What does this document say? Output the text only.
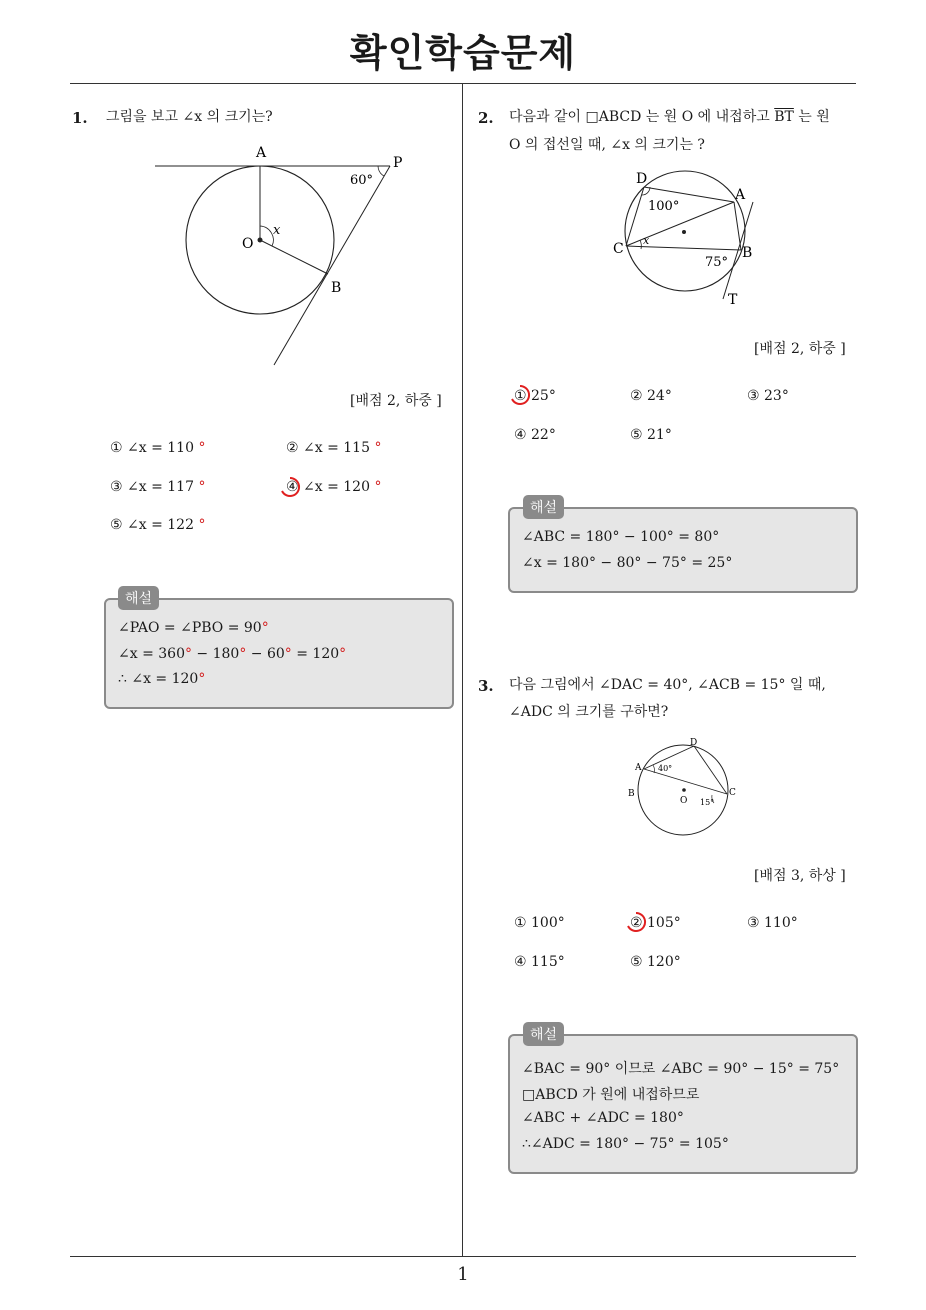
확인학습문제
1
1. 그림을 보고 ∠x 의 크기는?
A
P
O
B
x
60°
[배점 2, 하중 ]
① ∠x = 110 °	② ∠x = 115 °
③ ∠x = 117 °	④ ∠x = 120 °
⑤ ∠x = 122 °
∠PAO = ∠PBO = 90°
∠x = 360° − 180° − 60° = 120°
∴ ∠x = 120°
해설
2. 다음과 같이 □ABCD 는 원 O 에 내접하고 $\overline{BT}$ 는 원
O 의 접선일 때, ∠x 의 크기는 ?
D
A
C	B
T
100°
75°
x
[배점 2, 하중 ]
① 25°	② 24°	③ 23°
④ 22°	⑤ 21°
∠ABC = 180° − 100° = 80°
∠x = 180° − 80° − 75° = 25°
해설
3. 다음 그림에서 ∠DAC = 40°, ∠ACB = 15° 일 때,
∠ADC 의 크기를 구하면?
D
A
B	C
O
40°
15°
[배점 3, 하상 ]
① 100°	② 105°	③ 110°
④ 115°	⑤ 120°
∠BAC = 90° 이므로 ∠ABC = 90° − 15° = 75°
□ABCD 가 원에 내접하므로
∠ABC + ∠ADC = 180°
∴∠ADC = 180° − 75° = 105°
해설
